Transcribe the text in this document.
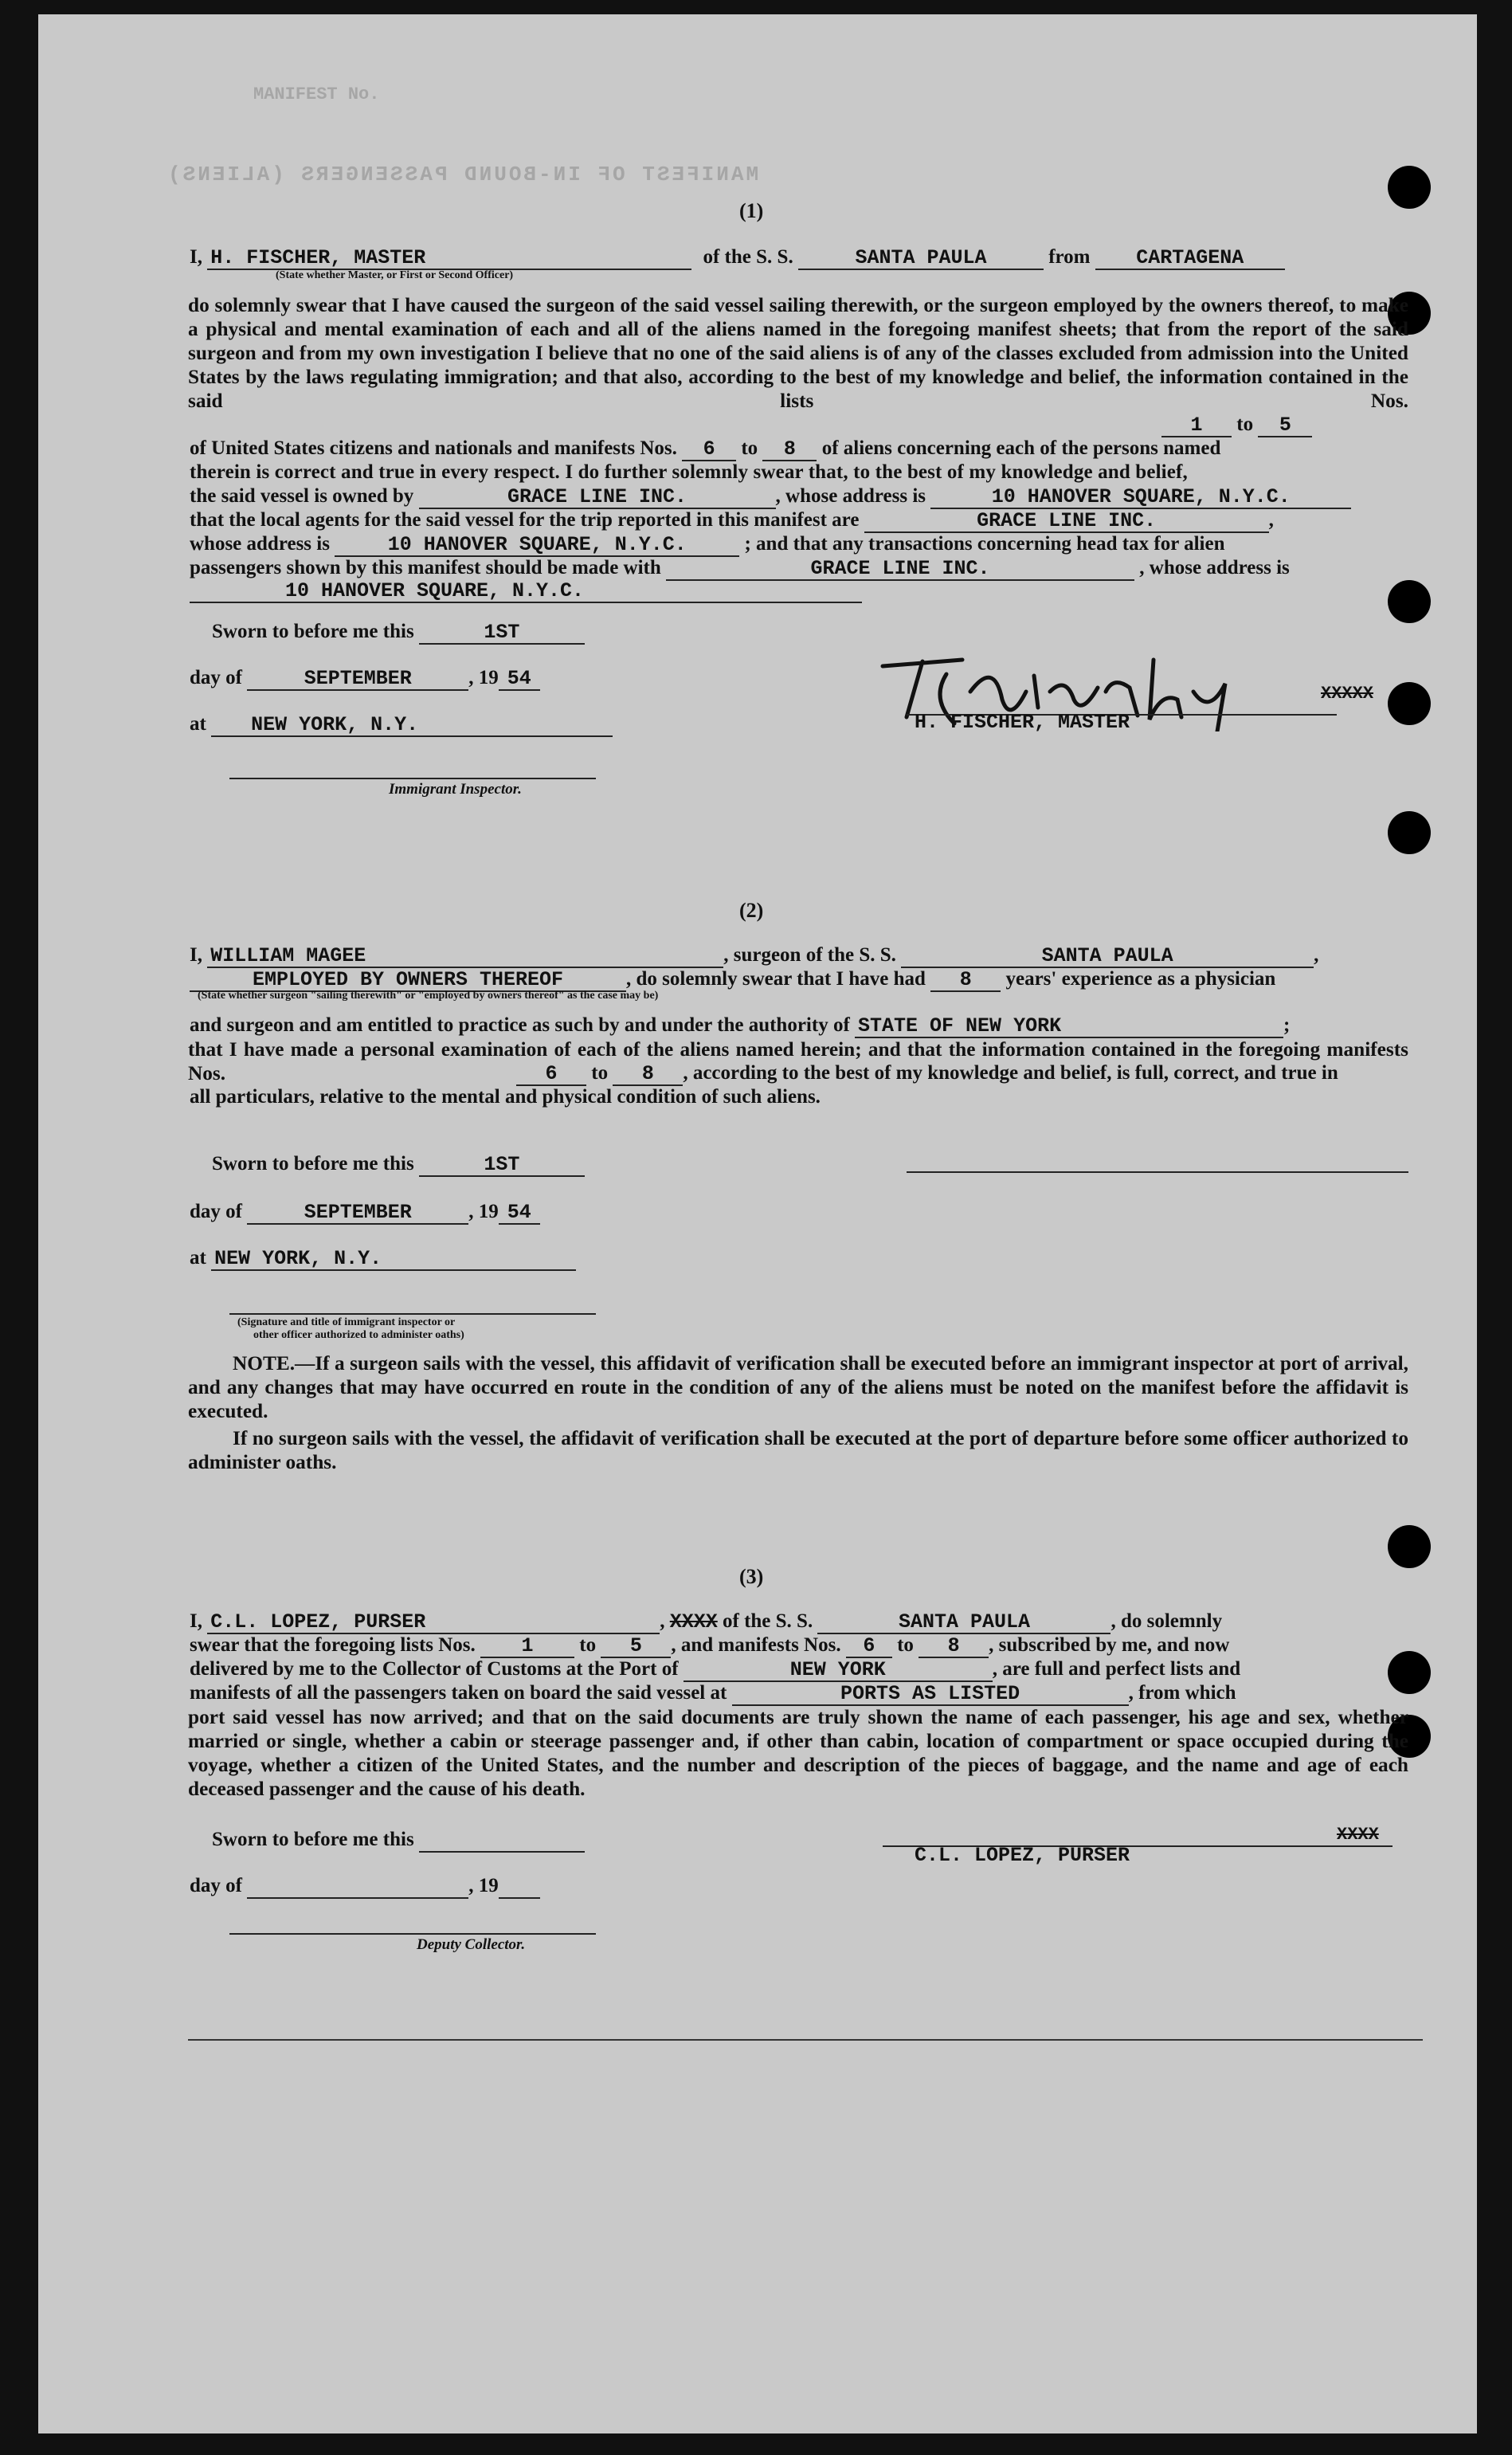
MANIFEST No.
MANIFEST OF IN-BOUND PASSENGERS (ALIENS)
(1)
I, H. FISCHER, MASTER	of the S. S.	SANTA PAULA	from CARTAGENA
(State whether Master, or First or Second Officer)
do solemnly swear that I have caused the surgeon of the said vessel sailing therewith, or the surgeon employed by the owners thereof, to make a physical and mental examination of each and all of the aliens named in the foregoing manifest sheets; that from the report of the said surgeon and from my own investigation I believe that no one of the said aliens is of any of the classes excluded from admission into the United States by the laws regulating immigration; and that also, according to the best of my knowledge and belief, the information contained in the said lists Nos.
1 to 5
of United States citizens and nationals and manifests Nos. 6 to 8 of aliens concerning each of the persons named
therein is correct and true in every respect. I do further solemnly swear that, to the best of my knowledge and belief,
the said vessel is owned by	GRACE LINE INC.	, whose address is	10 HANOVER SQUARE, N.Y.C.
that the local agents for the said vessel for the trip reported in this manifest are	GRACE LINE INC.	,
whose address is	10 HANOVER SQUARE, N.Y.C.	; and that any transactions concerning head tax for alien
passengers shown by this manifest should be made with	GRACE LINE INC.	, whose address is
10 HANOVER SQUARE, N.Y.C.
Sworn to before me this	1ST
day of	SEPTEMBER	, 19 54
at NEW YORK, N.Y.
Immigrant Inspector.
H. FISCHER, MASTER
XXXXX
(2)
I, WILLIAM MAGEE	, surgeon of the S. S.	SANTA PAULA	,
EMPLOYED BY OWNERS THEREOF	, do solemnly swear that I have had 8 years' experience as a physician
(State whether surgeon "sailing therewith" or "employed by owners thereof" as the case may be)
and surgeon and am entitled to practice as such by and under the authority of STATE OF NEW YORK	;
that I have made a personal examination of each of the aliens named herein; and that the information contained in the foregoing manifests Nos.	6 to 8 , according to the best of my knowledge and belief, is full, correct, and true in
all particulars, relative to the mental and physical condition of such aliens.
Sworn to before me this	1ST
day of	SEPTEMBER	, 19 54
at NEW YORK, N.Y.
(Signature and title of immigrant inspector or
other officer authorized to administer oaths)
NOTE.—If a surgeon sails with the vessel, this affidavit of verification shall be executed before an immigrant inspector at port of arrival, and any changes that may have occurred en route in the condition of any of the aliens must be noted on the manifest before the affidavit is executed.
If no surgeon sails with the vessel, the affidavit of verification shall be executed at the port of departure before some officer authorized to administer oaths.
(3)
I, C.L. LOPEZ, PURSER	, XXXX of the S. S.	SANTA PAULA	, do solemnly
swear that the foregoing lists Nos. 1 to 5 , and manifests Nos. 6 to 8 , subscribed by me, and now
delivered by me to the Collector of Customs at the Port of	NEW YORK	, are full and perfect lists and
manifests of all the passengers taken on board the said vessel at	PORTS AS LISTED	, from which
port said vessel has now arrived; and that on the said documents are truly shown the name of each passenger, his age and sex, whether married or single, whether a cabin or steerage passenger and, if other than cabin, location of compartment or space occupied during the voyage, whether a citizen of the United States, and the number and description of the pieces of baggage, and the name and age of each deceased passenger and the cause of his death.
Sworn to before me this
C.L. LOPEZ, PURSER
XXXX
day of	, 19
Deputy Collector.
